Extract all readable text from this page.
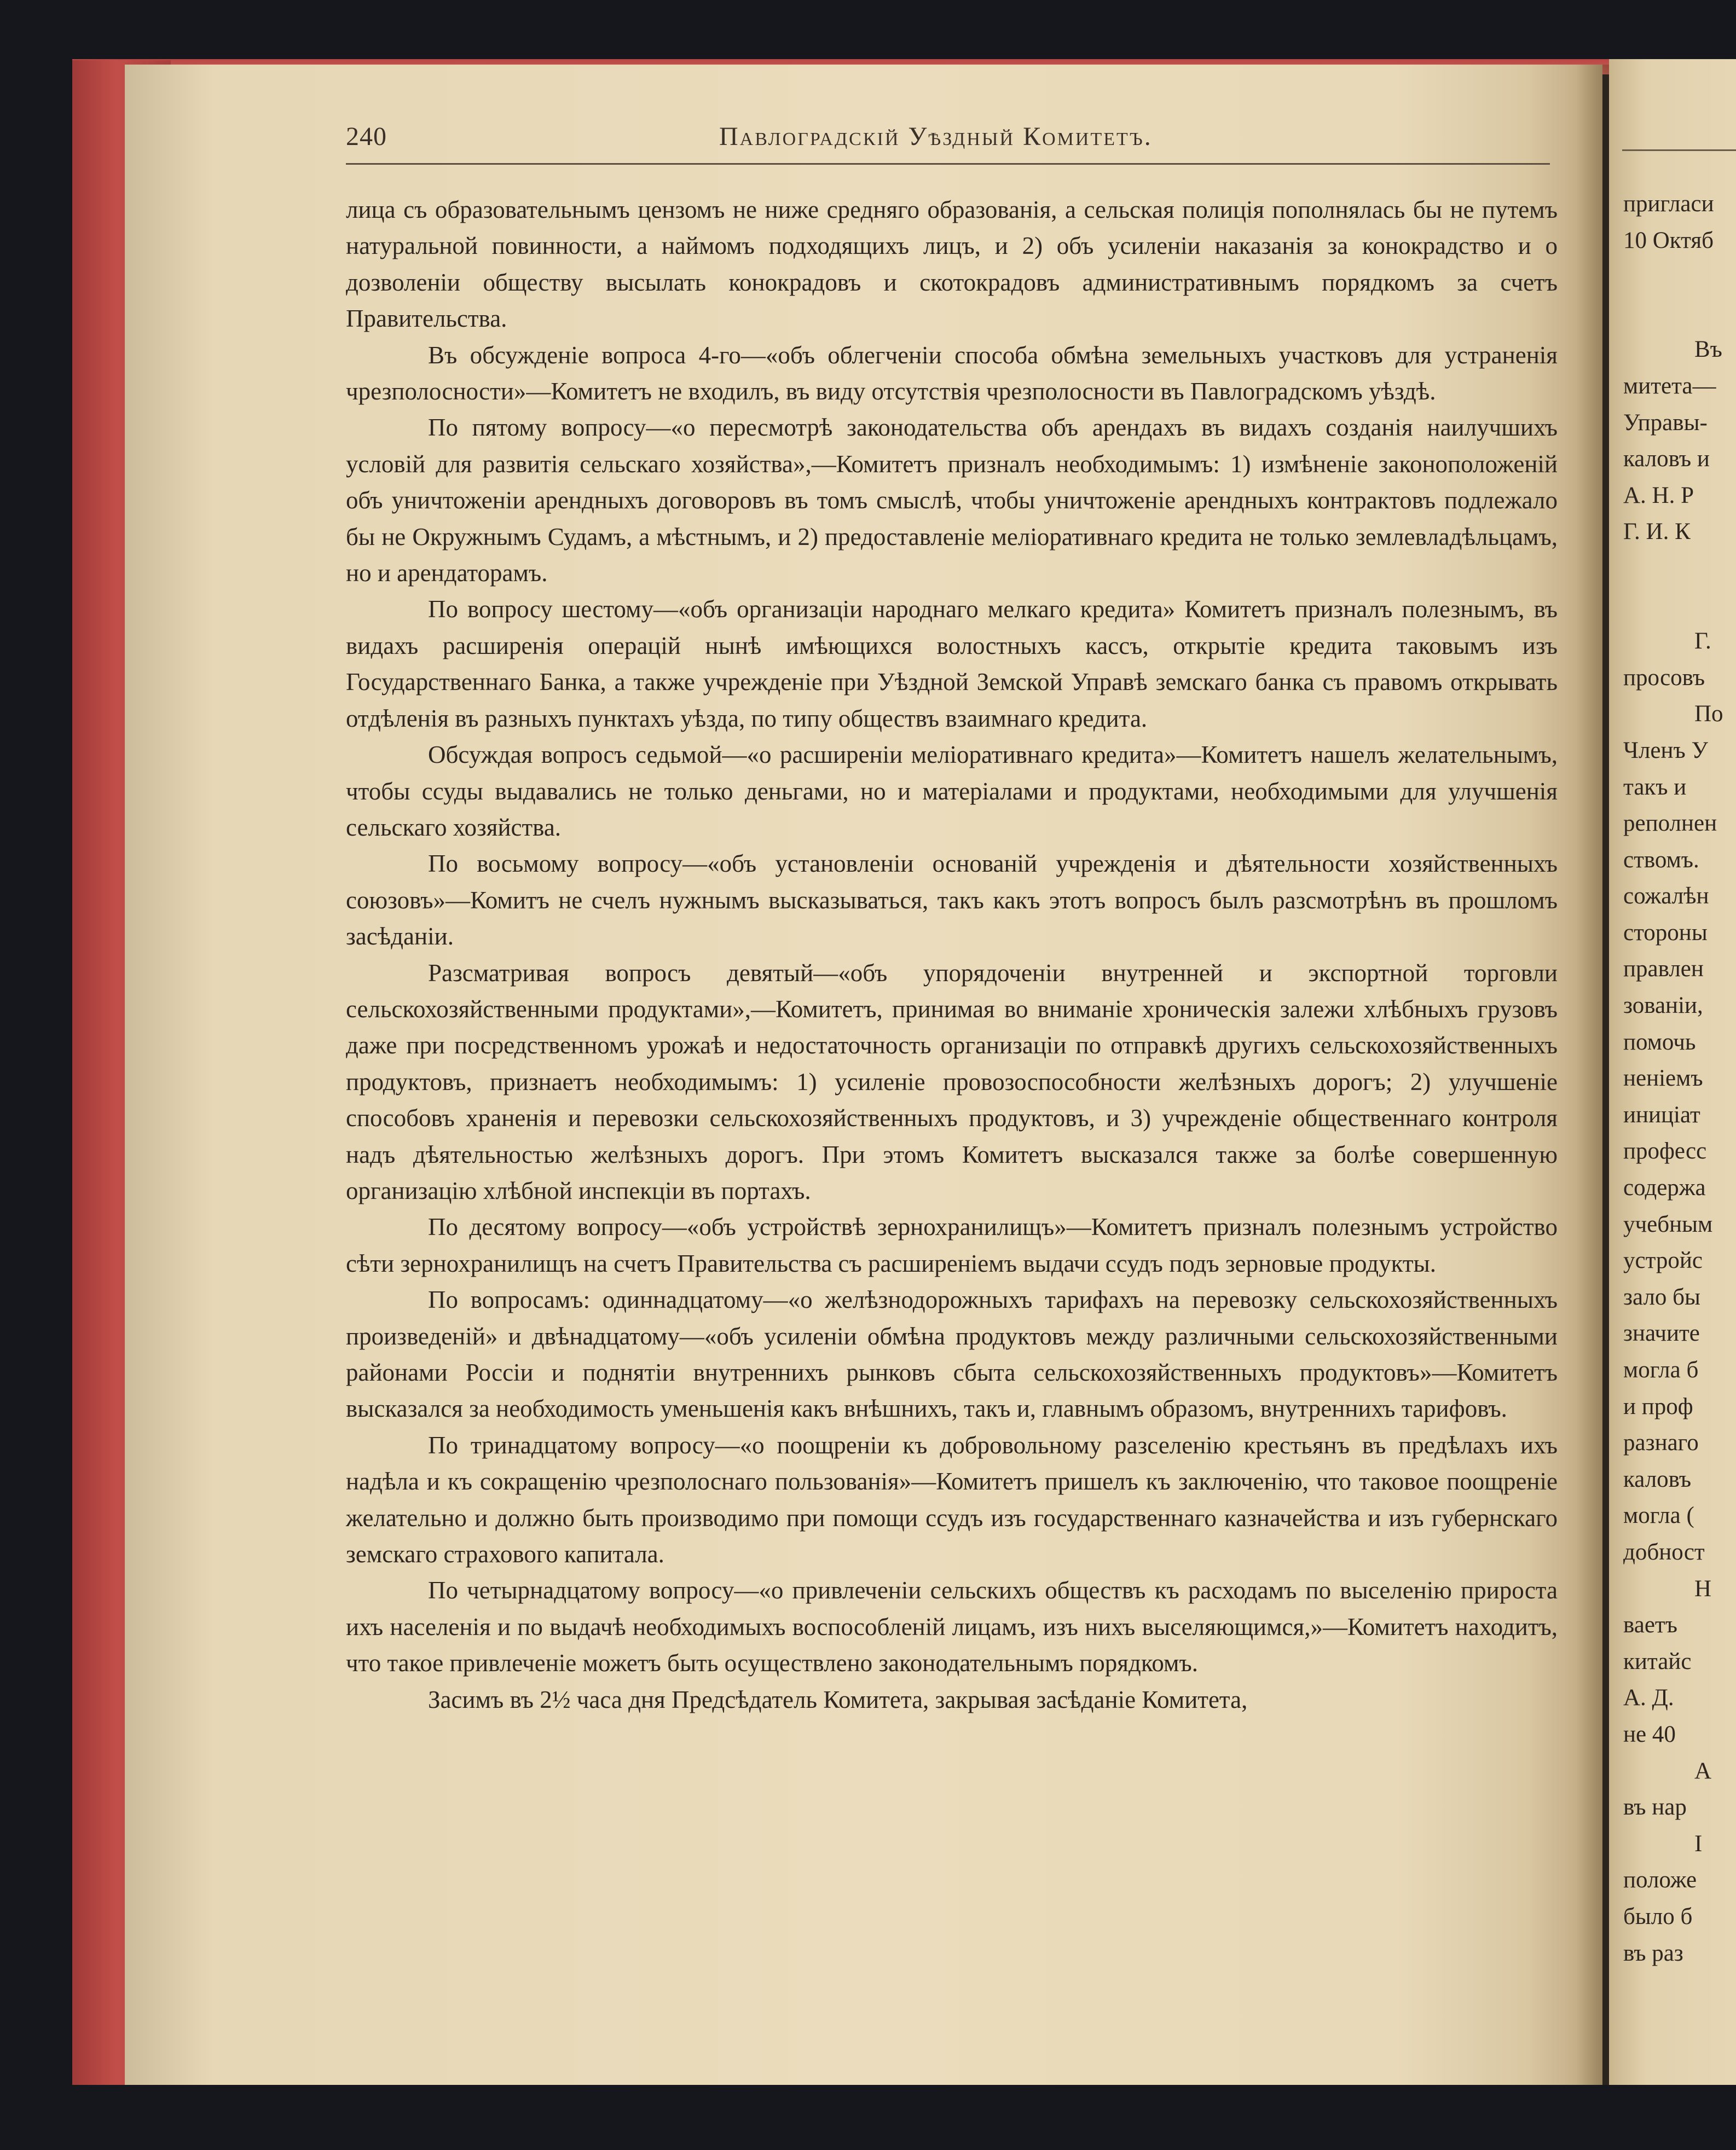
240	Павлоградскій Уѣздный Комитетъ.

лица съ образовательнымъ цензомъ не ниже средняго образованія, а сельская полиція пополнялась бы не путемъ натуральной повинности, а наймомъ подходящихъ лицъ, и 2) объ усиленіи наказанія за конокрадство и о дозволеніи обществу высылать конокрадовъ и скотокрадовъ административнымъ порядкомъ за счетъ Правительства.

Въ обсужденіе вопроса 4-го—«объ облегченіи способа обмѣна земельныхъ участковъ для устраненія чрезполосности»—Комитетъ не входилъ, въ виду отсутствія чрезполосности въ Павлоградскомъ уѣздѣ.

По пятому вопросу—«о пересмотрѣ законодательства объ арендахъ въ видахъ созданія наилучшихъ условій для развитія сельскаго хозяйства»,—Комитетъ призналъ необходимымъ: 1) измѣненіе законоположеній объ уничтоженіи арендныхъ договоровъ въ томъ смыслѣ, чтобы уничтоженіе арендныхъ контрактовъ подлежало бы не Окружнымъ Судамъ, а мѣстнымъ, и 2) предоставленіе меліоративнаго кредита не только землевладѣльцамъ, но и арендаторамъ.

По вопросу шестому—«объ организаціи народнаго мелкаго кредита» Комитетъ призналъ полезнымъ, въ видахъ расширенія операцій нынѣ имѣющихся волостныхъ кассъ, открытіе кредита таковымъ изъ Государственнаго Банка, а также учрежденіе при Уѣздной Земской Управѣ земскаго банка съ правомъ открывать отдѣленія въ разныхъ пунктахъ уѣзда, по типу обществъ взаимнаго кредита.

Обсуждая вопросъ седьмой—«о расширеніи меліоративнаго кредита»—Комитетъ нашелъ желательнымъ, чтобы ссуды выдавались не только деньгами, но и матеріалами и продуктами, необходимыми для улучшенія сельскаго хозяйства.

По восьмому вопросу—«объ установленіи основаній учрежденія и дѣятельности хозяйственныхъ союзовъ»—Комитъ не счелъ нужнымъ высказываться, такъ какъ этотъ вопросъ былъ разсмотрѣнъ въ прошломъ засѣданіи.

Разсматривая вопросъ девятый—«объ упорядоченіи внутренней и экспортной торговли сельскохозяйственными продуктами»,—Комитетъ, принимая во вниманіе хроническія залежи хлѣбныхъ грузовъ даже при посредственномъ урожаѣ и недостаточность организаціи по отправкѣ другихъ сельскохозяйственныхъ продуктовъ, признаетъ необходимымъ: 1) усиленіе провозоспособности желѣзныхъ дорогъ; 2) улучшеніе способовъ храненія и перевозки сельскохозяйственныхъ продуктовъ, и 3) учрежденіе общественнаго контроля надъ дѣятельностью желѣзныхъ дорогъ. При этомъ Комитетъ высказался также за болѣе совершенную организацію хлѣбной инспекціи въ портахъ.

По десятому вопросу—«объ устройствѣ зернохранилищъ»—Комитетъ призналъ полезнымъ устройство сѣти зернохранилищъ на счетъ Правительства съ расширеніемъ выдачи ссудъ подъ зерновые продукты.

По вопросамъ: одиннадцатому—«о желѣзнодорожныхъ тарифахъ на перевозку сельскохозяйственныхъ произведеній» и двѣнадцатому—«объ усиленіи обмѣна продуктовъ между различными сельскохозяйственными районами Россіи и поднятіи внутреннихъ рынковъ сбыта сельскохозяйственныхъ продуктовъ»—Комитетъ высказался за необходимость уменьшенія какъ внѣшнихъ, такъ и, главнымъ образомъ, внутреннихъ тарифовъ.

По тринадцатому вопросу—«о поощреніи къ добровольному разселенію крестьянъ въ предѣлахъ ихъ надѣла и къ сокращенію чрезполоснаго пользованія»—Комитетъ пришелъ къ заключенію, что таковое поощреніе желательно и должно быть производимо при помощи ссудъ изъ государственнаго казначейства и изъ губернскаго земскаго страхового капитала.

По четырнадцатому вопросу—«о привлеченіи сельскихъ обществъ къ расходамъ по выселенію прироста ихъ населенія и по выдачѣ необходимыхъ воспособленій лицамъ, изъ нихъ выселяющимся,»—Комитетъ находитъ, что такое привлеченіе можетъ быть осуществлено законодательнымъ порядкомъ.

Засимъ въ 2½ часа дня Предсѣдатель Комитета, закрывая засѣданіе Комитета,

пригласи
10 Октяб
Въ
митета—
Управы-
каловъ и
А. Н. Р
Г. И. К
Г.
просовъ
По
Членъ У
такъ и
реполнен
ствомъ.
сожалѣн
стороны
правлен
зованіи,
помочь
неніемъ
иниціат
професс
содержа
учебным
устройс
зало бы
значите
могла б
и проф
разнаго
каловъ
могла (
добност
Н
ваетъ
китайс
А. Д.
не 40
А
въ нар
I
положе
было б
въ раз
